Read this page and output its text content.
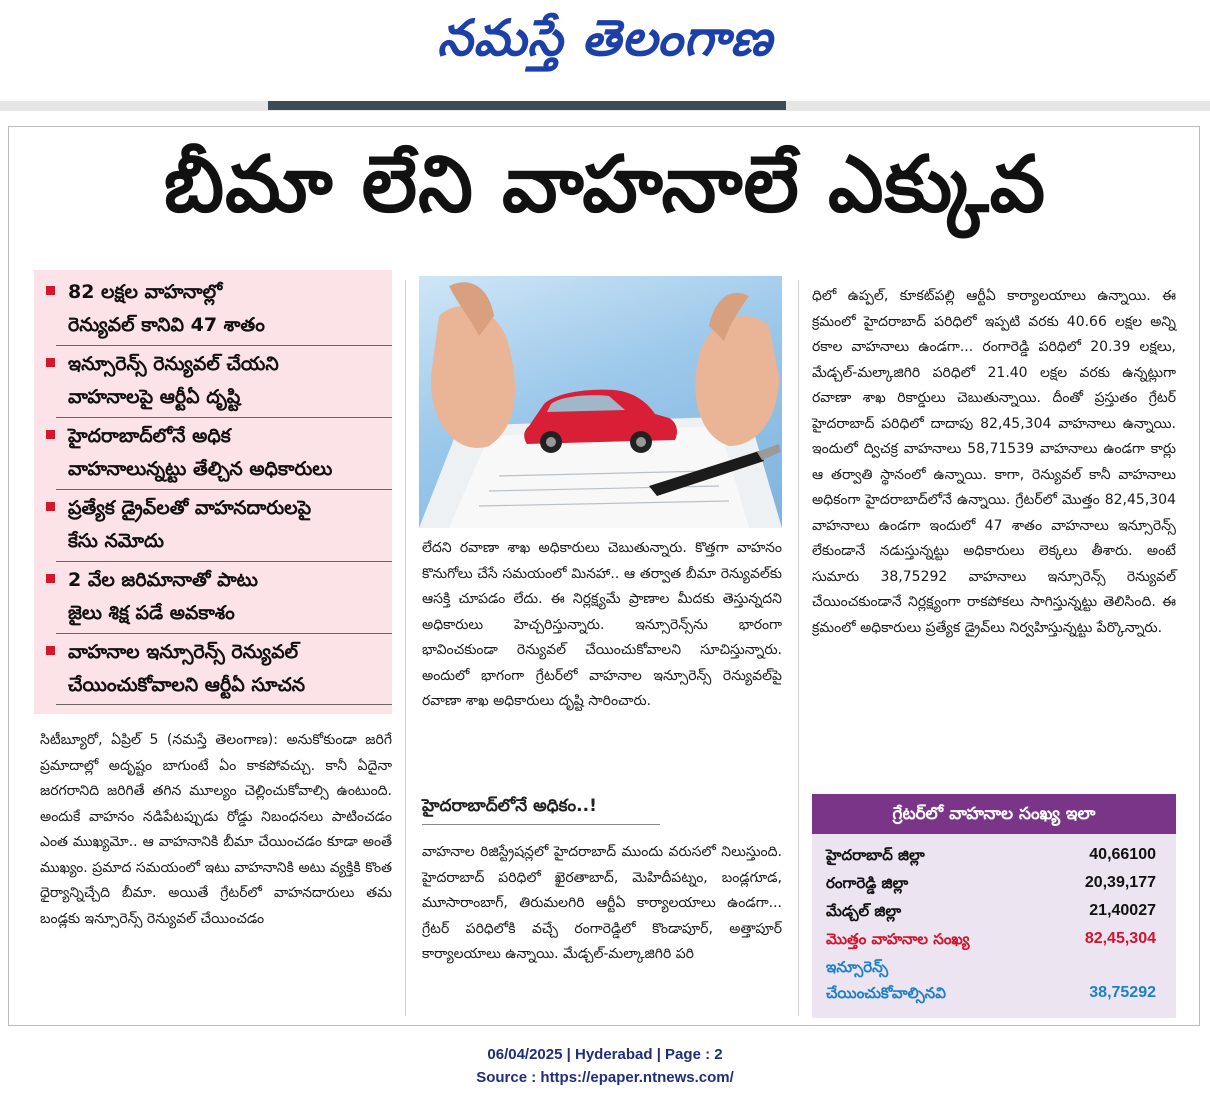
నమస్తే తెలంగాణ
బీమా లేని వాహనాలే ఎక్కువ
82 లక్షల వాహనాల్లో
రెన్యువల్ కానివి 47 శాతం
ఇన్సూరెన్స్ రెన్యువల్ చేయని
వాహనాలపై ఆర్టీఏ దృష్టి
హైదరాబాద్‌లోనే అధిక
వాహనాలున్నట్టు తేల్చిన అధికారులు
ప్రత్యేక డ్రైవ్‌లతో వాహనదారులపై
కేసు నమోదు
2 వేల జరిమానాతో పాటు
జైలు శిక్ష పడే అవకాశం
వాహనాల ఇన్సూరెన్స్ రెన్యువల్
చేయించుకోవాలని ఆర్టీఏ సూచన

సిటీబ్యూరో, ఏప్రిల్ 5 (నమస్తే తెలంగాణ): అనుకోకుండా జరిగే ప్రమాదాల్లో అదృష్టం బాగుంటే ఏం కాకపోవచ్చు. కానీ ఏదైనా జరగరానిది జరిగితే తగిన మూల్యం చెల్లించుకోవాల్సి ఉంటుంది. అందుకే వాహనం నడిపేటప్పుడు రోడ్డు నిబంధనలు పాటించడం ఎంత ముఖ్యమో.. ఆ వాహనానికి బీమా చేయించడం కూడా అంతే ముఖ్యం. ప్రమాద సమయంలో ఇటు వాహనానికి అటు వ్యక్తికి కొంత ధైర్యాన్నిచ్చేది బీమా. అయితే గ్రేటర్‌లో వాహనదారులు తమ బండ్లకు ఇన్సూరెన్స్ రెన్యువల్ చేయించడం

లేదని రవాణా శాఖ అధికారులు చెబుతున్నారు. కొత్తగా వాహనం కొనుగోలు చేసే సమయంలో మినహా.. ఆ తర్వాత బీమా రెన్యువల్‌కు ఆసక్తి చూపడం లేదు. ఈ నిర్లక్ష్యమే ప్రాణాల మీదకు తెస్తున్నదని అధికారులు హెచ్చరిస్తున్నారు. ఇన్సూరెన్స్‌ను భారంగా భావించకుండా రెన్యువల్ చేయించుకోవాలని సూచిస్తున్నారు. అందులో భాగంగా గ్రేటర్‌లో వాహనాల ఇన్సూరెన్స్ రెన్యువల్‌పై రవాణా శాఖ అధికారులు దృష్టి సారించారు.

హైదరాబాద్‌లోనే అధికం..!

వాహనాల రిజిస్ట్రేషన్లలో హైదరాబాద్ ముందు వరుసలో నిలుస్తుంది. హైదరాబాద్ పరిధిలో ఖైరతాబాద్, మెహిదీపట్నం, బండ్లగూడ, మూసారాంబాగ్, తిరుమలగిరి ఆర్టీఏ కార్యాలయాలు ఉండగా... గ్రేటర్ పరిధిలోకి వచ్చే రంగారెడ్డిలో కొండాపూర్, అత్తాపూర్ కార్యాలయాలు ఉన్నాయి. మేడ్చల్-మల్కాజిగిరి పరి

ధిలో ఉప్పల్, కూకట్‌పల్లి ఆర్టీఏ కార్యాలయాలు ఉన్నాయి. ఈ క్రమంలో హైదరాబాద్ పరిధిలో ఇప్పటి వరకు 40.66 లక్షల అన్ని రకాల వాహనాలు ఉండగా... రంగారెడ్డి పరిధిలో 20.39 లక్షలు, మేడ్చల్-మల్కాజిగిరి పరిధిలో 21.40 లక్షల వరకు ఉన్నట్లుగా రవాణా శాఖ రికార్డులు చెబుతున్నాయి. దీంతో ప్రస్తుతం గ్రేటర్ హైదరాబాద్ పరిధిలో దాదాపు 82,45,304 వాహనాలు ఉన్నాయి. ఇందులో ద్విచక్ర వాహనాలు 58,71539 వాహనాలు ఉండగా కార్లు ఆ తర్వాతి స్థానంలో ఉన్నాయి. కాగా, రెన్యువల్ కానీ వాహనాలు అధికంగా హైదరాబాద్‌లోనే ఉన్నాయి. గ్రేటర్‌లో మొత్తం 82,45,304 వాహనాలు ఉండగా ఇందులో 47 శాతం వాహనాలు ఇన్సూరెన్స్ లేకుండానే నడుస్తున్నట్టు అధికారులు లెక్కలు తీశారు. అంటే సుమారు 38,75292 వాహనాలు ఇన్సూరెన్స్ రెన్యువల్ చేయించకుండానే నిర్లక్ష్యంగా రాకపోకలు సాగిస్తున్నట్టు తెలిసింది. ఈ క్రమంలో అధికారులు ప్రత్యేక డ్రైవ్‌లు నిర్వహిస్తున్నట్టు పేర్కొన్నారు.

గ్రేటర్‌లో వాహనాల సంఖ్య ఇలా
హైదరాబాద్ జిల్లా	40,66100
రంగారెడ్డి జిల్లా	20,39,177
మేడ్చల్ జిల్లా	21,40027
మొత్తం వాహనాల సంఖ్య	82,45,304
ఇన్సూరెన్స్
చేయించుకోవాల్సినవి	38,75292
06/04/2025 | Hyderabad | Page : 2
Source : https://epaper.ntnews.com/
